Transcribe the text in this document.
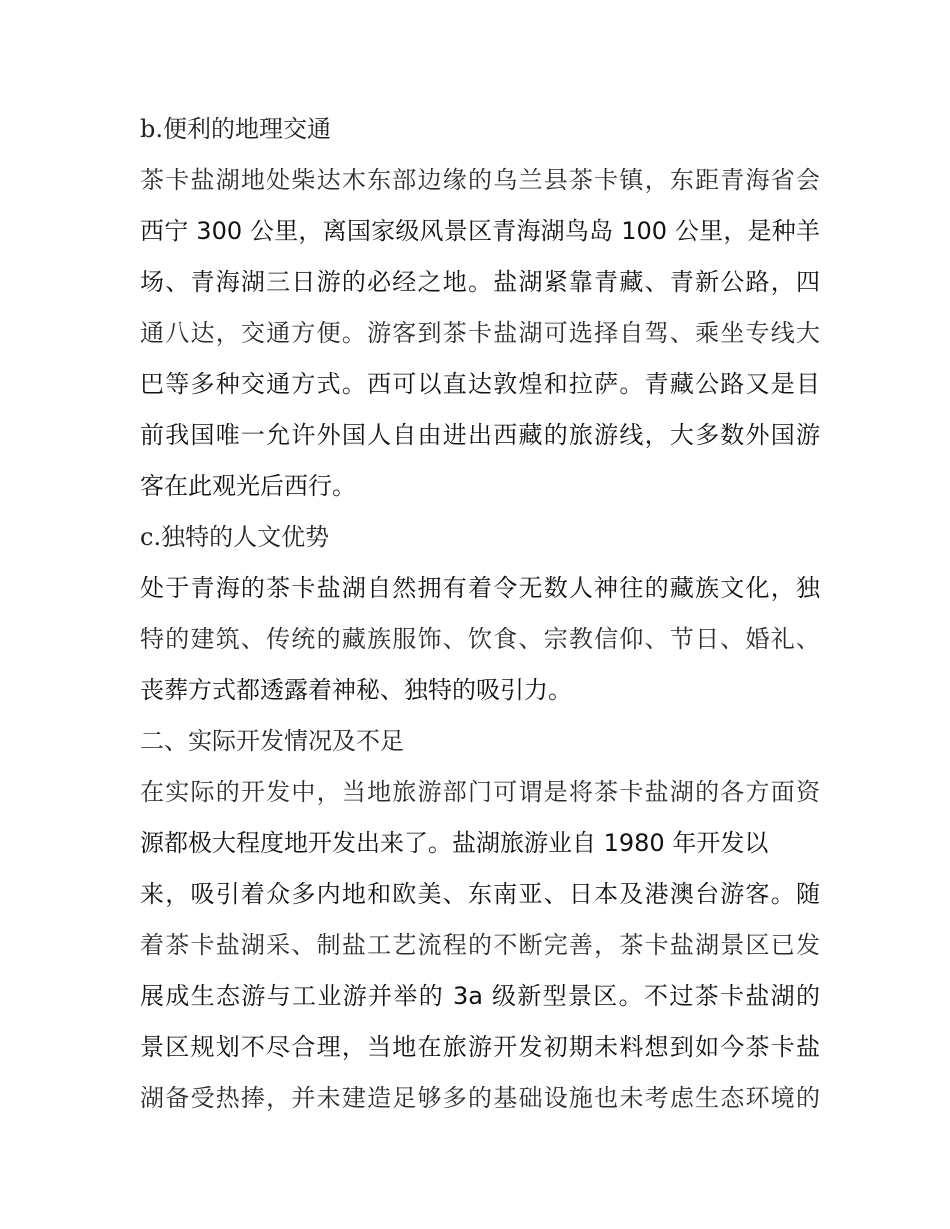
b.便利的地理交通
茶卡盐湖地处柴达木东部边缘的乌兰县茶卡镇，东距青海省会
西宁 300 公里，离国家级风景区青海湖鸟岛 100 公里，是种羊
场、青海湖三日游的必经之地。盐湖紧靠青藏、青新公路，四
通八达，交通方便。游客到茶卡盐湖可选择自驾、乘坐专线大
巴等多种交通方式。西可以直达敦煌和拉萨。青藏公路又是目
前我国唯一允许外国人自由进出西藏的旅游线，大多数外国游
客在此观光后西行。
c.独特的人文优势
处于青海的茶卡盐湖自然拥有着令无数人神往的藏族文化，独
特的建筑、传统的藏族服饰、饮食、宗教信仰、节日、婚礼、
丧葬方式都透露着神秘、独特的吸引力。
二、实际开发情况及不足
在实际的开发中，当地旅游部门可谓是将茶卡盐湖的各方面资
源都极大程度地开发出来了。盐湖旅游业自 1980 年开发以
来，吸引着众多内地和欧美、东南亚、日本及港澳台游客。随
着茶卡盐湖采、制盐工艺流程的不断完善，茶卡盐湖景区已发
展成生态游与工业游并举的 3a 级新型景区。不过茶卡盐湖的
景区规划不尽合理，当地在旅游开发初期未料想到如今茶卡盐
湖备受热捧，并未建造足够多的基础设施也未考虑生态环境的
